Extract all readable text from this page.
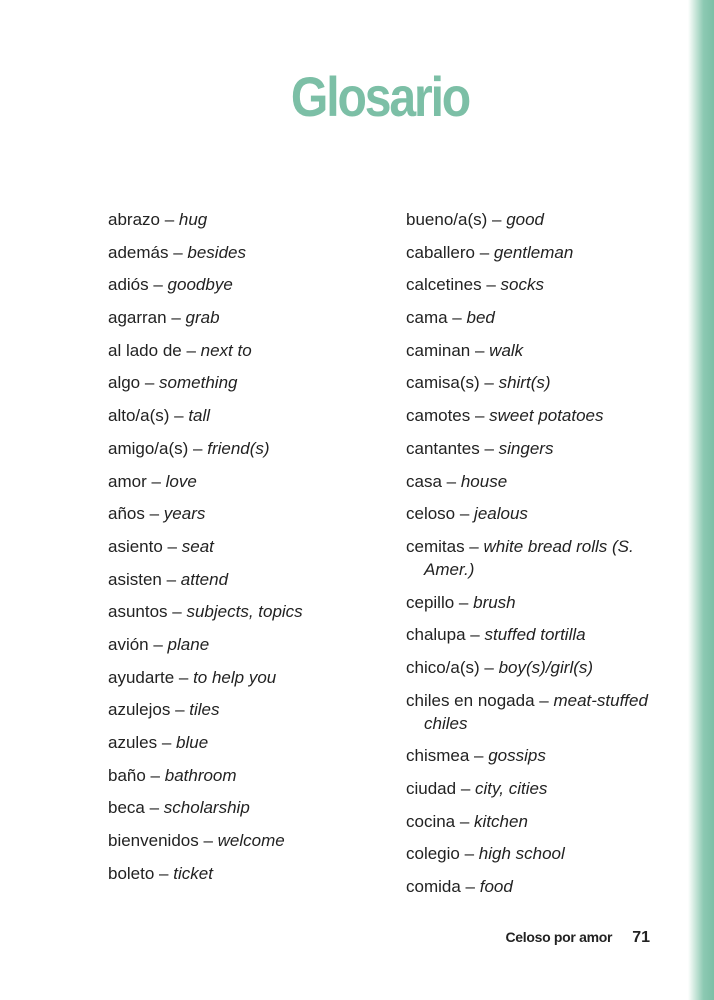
Glosario
abrazo – hug
además – besides
adiós – goodbye
agarran – grab
al lado de – next to
algo – something
alto/a(s) – tall
amigo/a(s) – friend(s)
amor – love
años – years
asiento – seat
asisten – attend
asuntos – subjects, topics
avión – plane
ayudarte – to help you
azulejos – tiles
azules – blue
baño – bathroom
beca – scholarship
bienvenidos – welcome
boleto – ticket
bueno/a(s) – good
caballero – gentleman
calcetines – socks
cama – bed
caminan – walk
camisa(s) – shirt(s)
camotes – sweet potatoes
cantantes – singers
casa – house
celoso – jealous
cemitas – white bread rolls (S. Amer.)
cepillo – brush
chalupa – stuffed tortilla
chico/a(s) – boy(s)/girl(s)
chiles en nogada – meat-stuffed chiles
chismea – gossips
ciudad – city, cities
cocina – kitchen
colegio – high school
comida – food
Celoso por amor 71
